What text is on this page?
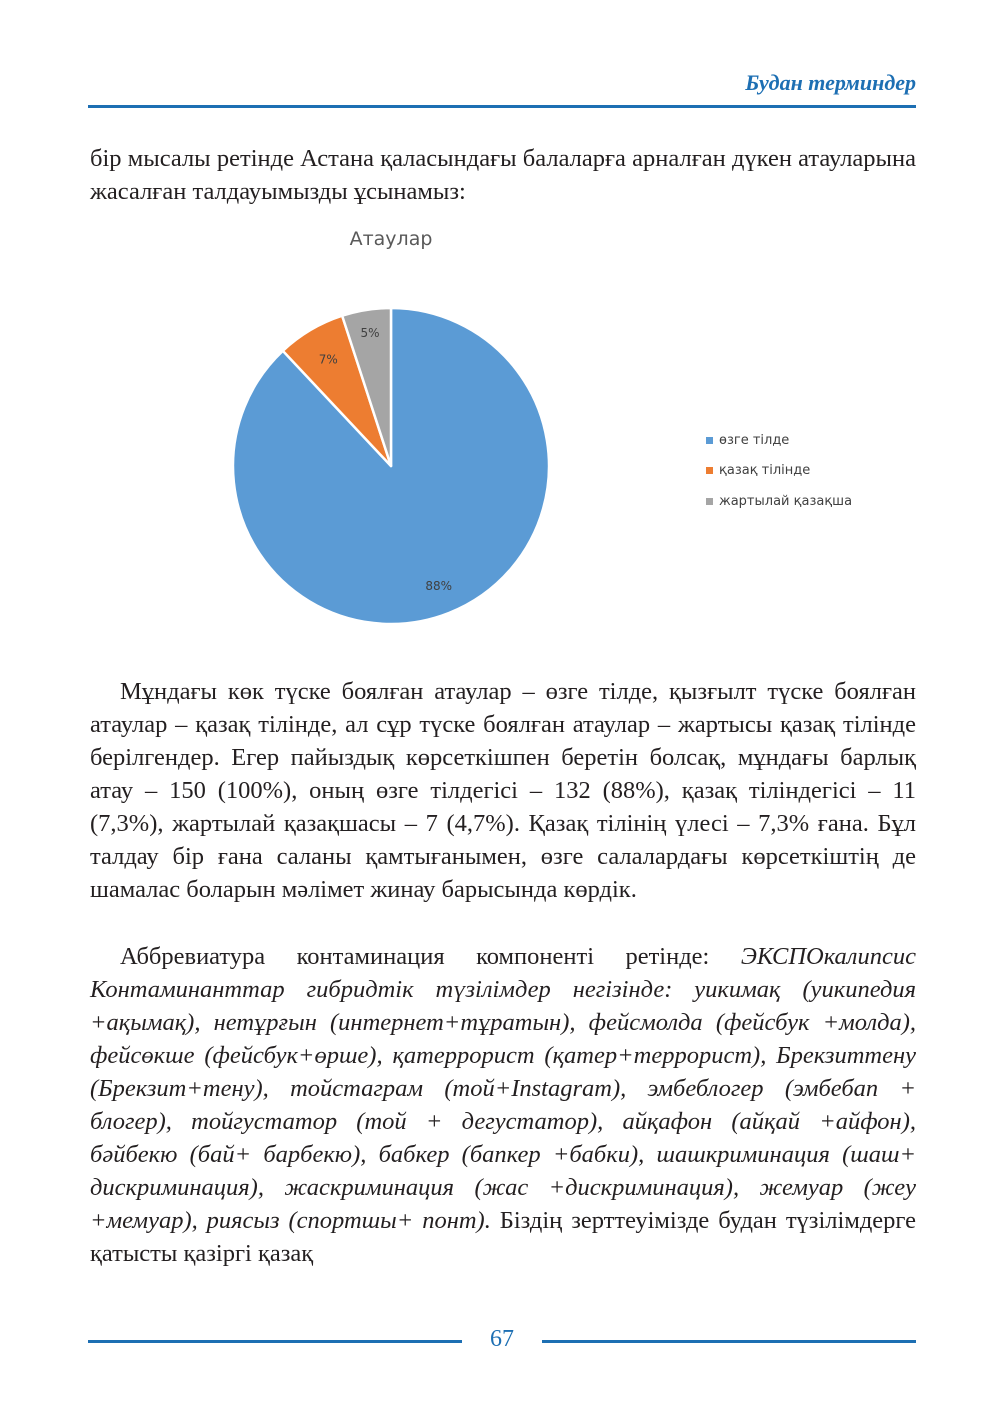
Будан терминдер

бір мысалы ретінде Астана қаласындағы балаларға арналған дүкен атауларына жасалған талдауымызды ұсынамыз:

Атаулар
88%
7%
5%
өзге тілде
қазақ тілінде
жартылай қазақша

Мұндағы көк түске боялған атаулар – өзге тілде, қызғылт түске боялған атаулар – қазақ тілінде, ал сұр түске боялған атаулар – жартысы қазақ тілінде берілгендер. Егер пайыздық көрсеткішпен беретін болсақ, мұндағы барлық атау – 150 (100%), оның өзге тілдегісі – 132 (88%), қазақ тіліндегісі – 11 (7,3%), жартылай қазақшасы – 7 (4,7%). Қазақ тілінің үлесі – 7,3% ғана. Бұл талдау бір ғана саланы қамтығанымен, өзге салалардағы көрсеткіштің де шамалас боларын мәлімет жинау барысында көрдік.

Аббревиатура контаминация компоненті ретінде: ЭКСПОкалипсис Контаминанттар гибридтік түзілімдер негізінде: уикимақ (уикипедия +ақымақ), нетұрғын (интернет+тұратын), фейсмолда (фейсбук +молда), фейсөкше (фейсбук+өрше), қатеррорист (қатер+террорист), Брекзиттену (Брекзит+тену), тойстаграм (той+Instagram), эмбеблогер (эмбебап + блогер), тойгустатор (той + дегустатор), айқафон (айқай +айфон), бәйбекю (бай+ барбекю), бабкер (бапкер +бабки), шашкриминация (шаш+ дискриминация), жаскриминация (жас +дискриминация), жемуар (жеу +мемуар), риясыз (спортшы+ понт). Біздің зерттеуімізде будан түзілімдерге қатысты қазіргі қазақ

67
